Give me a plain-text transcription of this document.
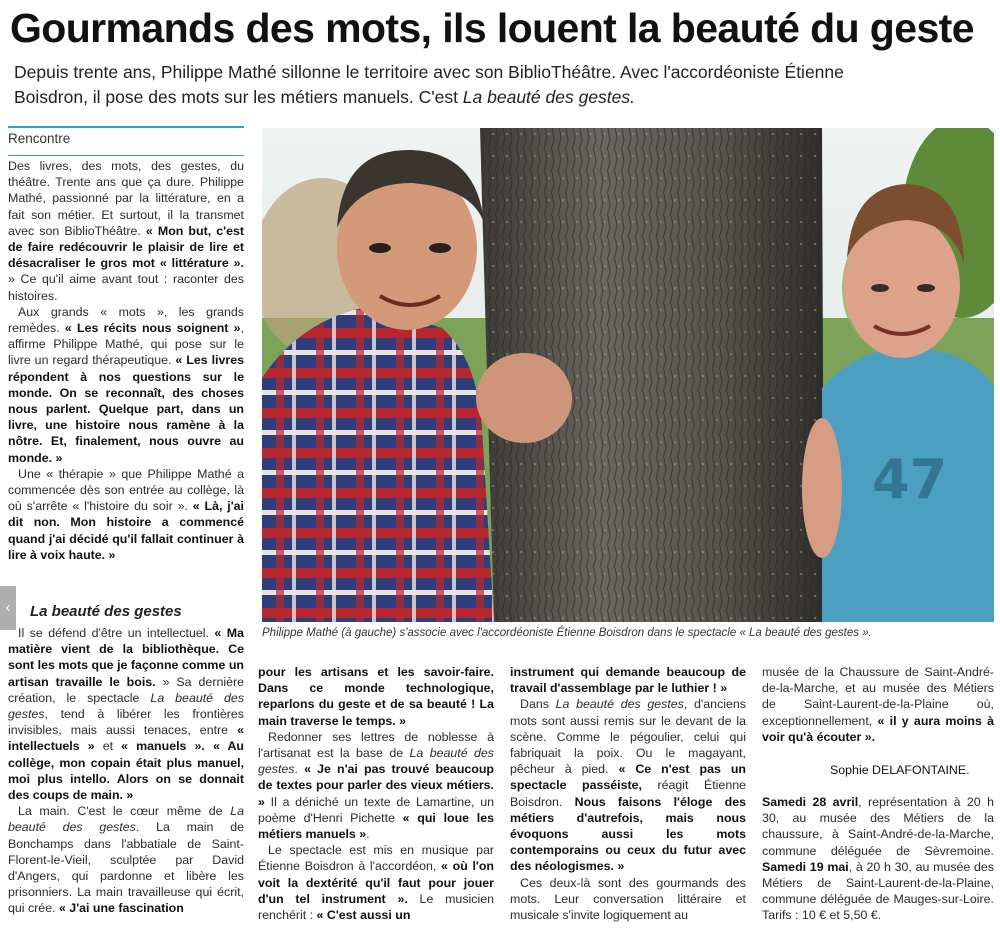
Gourmands des mots, ils louent la beauté du geste
Depuis trente ans, Philippe Mathé sillonne le territoire avec son BiblioThéâtre. Avec l'accordéoniste Étienne Boisdron, il pose des mots sur les métiers manuels. C'est La beauté des gestes.
Rencontre

Des livres, des mots, des gestes, du théâtre. Trente ans que ça dure. Philippe Mathé, passionné par la littérature, en a fait son métier. Et surtout, il la transmet avec son BiblioThéâtre. « Mon but, c'est de faire redécouvrir le plaisir de lire et désacraliser le gros mot « littérature ». » Ce qu'il aime avant tout : raconter des histoires.

Aux grands « mots », les grands remèdes. « Les récits nous soignent », affirme Philippe Mathé, qui pose sur le livre un regard thérapeutique. « Les livres répondent à nos questions sur le monde. On se reconnaît, des choses nous parlent. Quelque part, dans un livre, une histoire nous ramène à la nôtre. Et, finalement, nous ouvre au monde. »

Une « thérapie » que Philippe Mathé a commencée dès son entrée au collège, là où s'arrête « l'histoire du soir ». « Là, j'ai dit non. Mon histoire a commencé quand j'ai décidé qu'il fallait continuer à lire à voix haute. »

La beauté des gestes

Il se défend d'être un intellectuel. « Ma matière vient de la bibliothèque. Ce sont les mots que je façonne comme un artisan travaille le bois. » Sa dernière création, le spectacle La beauté des gestes, tend à libérer les frontières invisibles, mais aussi tenaces, entre « intellectuels » et « manuels ». « Au collège, mon copain était plus manuel, moi plus intello. Alors on se donnait des coups de main. »

La main. C'est le cœur même de La beauté des gestes. La main de Bonchamps dans l'abbatiale de Saint-Florent-le-Vieil, sculptée par David d'Angers, qui pardonne et libère les prisonniers. La main travailleuse qui écrit, qui crée. « J'ai une fascination

47
Philippe Mathé (à gauche) s'associe avec l'accordéoniste Étienne Boisdron dans le spectacle « La beauté des gestes ».

pour les artisans et les savoir-faire. Dans ce monde technologique, reparlons du geste et de sa beauté ! La main traverse le temps. »

Redonner ses lettres de noblesse à l'artisanat est la base de La beauté des gestes. « Je n'ai pas trouvé beaucoup de textes pour parler des vieux métiers. » Il a déniché un texte de Lamartine, un poème d'Henri Pichette « qui loue les métiers manuels ».

Le spectacle est mis en musique par Étienne Boisdron à l'accordéon, « où l'on voit la dextérité qu'il faut pour jouer d'un tel instrument ». Le musicien renchérit : « C'est aussi un

instrument qui demande beaucoup de travail d'assemblage par le luthier ! »

Dans La beauté des gestes, d'anciens mots sont aussi remis sur le devant de la scène. Comme le pégoulier, celui qui fabriquait la poix. Ou le magayant, pêcheur à pied. « Ce n'est pas un spectacle passéiste, réagit Étienne Boisdron. Nous faisons l'éloge des métiers d'autrefois, mais nous évoquons aussi les mots contemporains ou ceux du futur avec des néologismes. »

Ces deux-là sont des gourmands des mots. Leur conversation littéraire et musicale s'invite logiquement au

musée de la Chaussure de Saint-André-de-la-Marche, et au musée des Métiers de Saint-Laurent-de-la-Plaine où, exceptionnellement, « il y aura moins à voir qu'à écouter ».

Sophie DELAFONTAINE.

Samedi 28 avril, représentation à 20 h 30, au musée des Métiers de la chaussure, à Saint-André-de-la-Marche, commune déléguée de Sèvremoine. Samedi 19 mai, à 20 h 30, au musée des Métiers de Saint-Laurent-de-la-Plaine, commune déléguée de Mauges-sur-Loire. Tarifs : 10 € et 5,50 €.

‹
